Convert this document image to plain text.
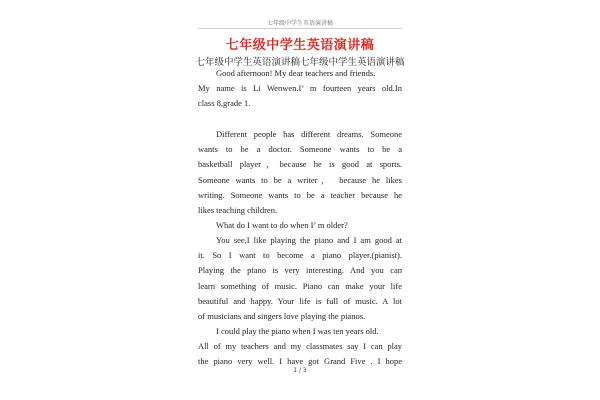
七年级中学生英语演讲稿
七年级中学生英语演讲稿
七年级中学生英语演讲稿七年级中学生英语演讲稿
1 / 3
Good afternoon! My dear teachers and friends.
My name is Li Wenwen.I’ m fourteen years old.In
class 8,grade 1.
Different people has different dreams. Someone
wants to be a doctor. Someone wants to be a
basketball player，because he is good at sports.
Someone wants to be a writer， because he likes
writing. Someone wants to be a teacher because he
likes teaching children.
What do I want to do when I’ m older?
You see,I like playing the piano and I am good at
it. So I want to become a piano player.(pianist).
Playing the piano is very interesting. And you can
learn something of music. Piano can make your life
beautiful and happy. Your life is full of music. A lot
of musicians and singers love playing the pianos.
I could play the piano when I was ten years old.
All of my teachers and my classmates say I can play
the piano very well. I have got Grand Five . I hope
